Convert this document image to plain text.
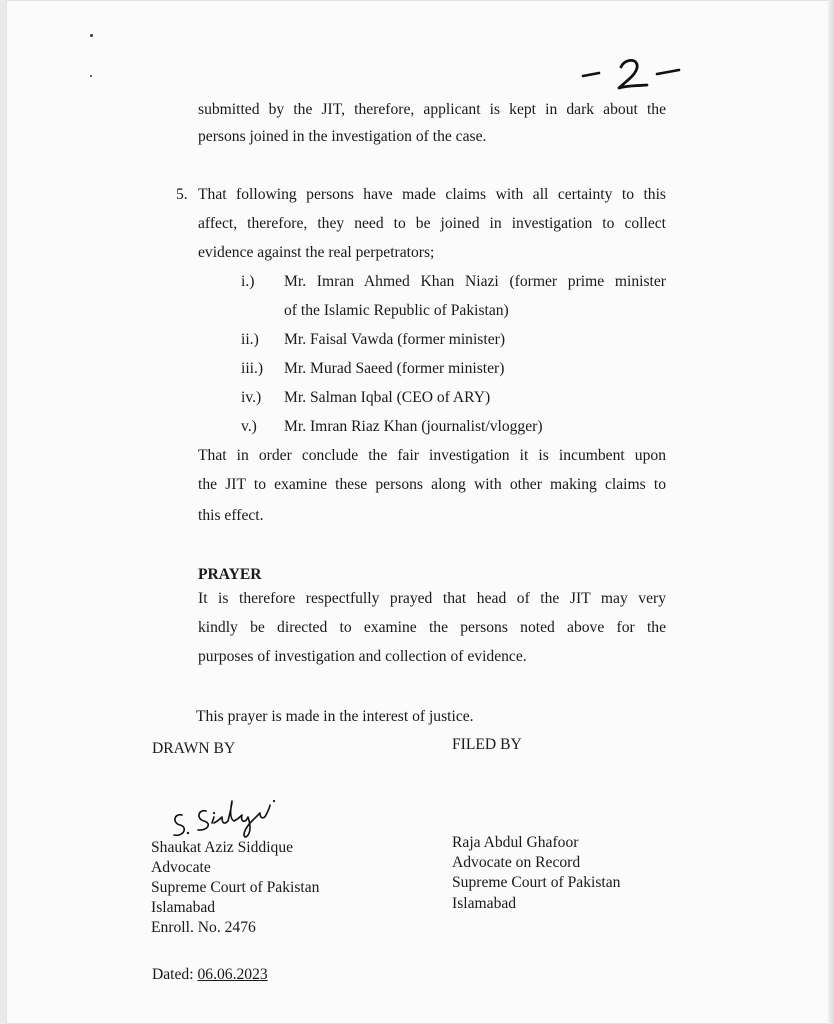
submitted by the JIT, therefore, applicant is kept in dark about the
persons joined in the investigation of the case.
5. That following persons have made claims with all certainty to this
affect, therefore, they need to be joined in investigation to collect
evidence against the real perpetrators;
i.) Mr. Imran Ahmed Khan Niazi (former prime minister
of the Islamic Republic of Pakistan)
ii.) Mr. Faisal Vawda (former minister)
iii.) Mr. Murad Saeed (former minister)
iv.) Mr. Salman Iqbal (CEO of ARY)
v.) Mr. Imran Riaz Khan (journalist/vlogger)
That in order conclude the fair investigation it is incumbent upon
the JIT to examine these persons along with other making claims to
this effect.
PRAYER
It is therefore respectfully prayed that head of the JIT may very
kindly be directed to examine the persons noted above for the
purposes of investigation and collection of evidence.
This prayer is made in the interest of justice.
DRAWN BY	FILED BY
Shaukat Aziz Siddique
Advocate
Supreme Court of Pakistan
Islamabad
Enroll. No. 2476
Raja Abdul Ghafoor
Advocate on Record
Supreme Court of Pakistan
Islamabad
Dated: 06.06.2023
